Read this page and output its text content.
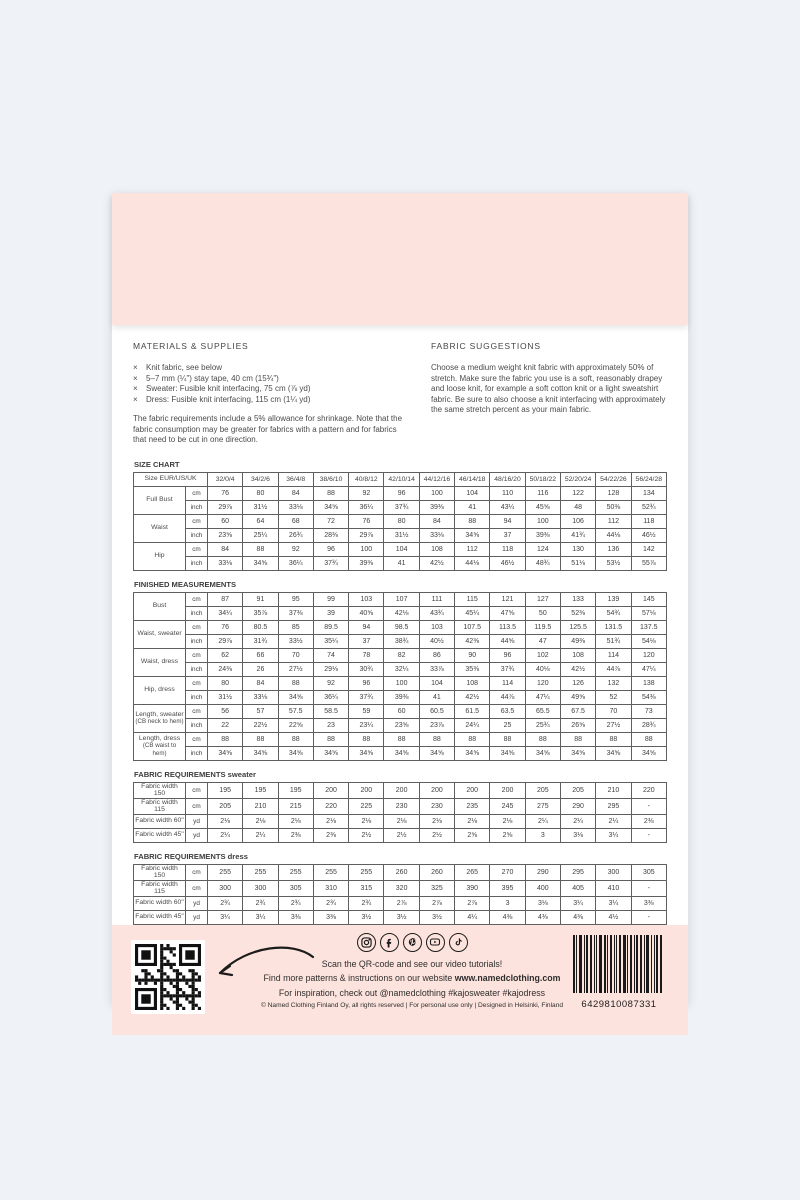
MATERIALS & SUPPLIES
×	Knit fabric, see below
×	5–7 mm (¼") stay tape, 40 cm (15¾")
×	Sweater: Fusible knit interfacing, 75 cm (⅞ yd)
×	Dress: Fusible knit interfacing, 115 cm (1¼ yd)
The fabric requirements include a 5% allowance for shrinkage. Note that the fabric consumption may be greater for fabrics with a pattern and for fabrics that need to be cut in one direction.
FABRIC SUGGESTIONS
Choose a medium weight knit fabric with approximately 50% of stretch. Make sure the fabric you use is a soft, reasonably drapey and loose knit, for example a soft cotton knit or a light sweatshirt fabric. Be sure to also choose a knit interfacing with approximately the same stretch percent as your main fabric.
SIZE CHART
Size EUR/US/UK		32/0/4	34/2/6	36/4/8	38/6/10	40/8/12	42/10/14	44/12/16	46/14/18	48/16/20	50/18/22	52/20/24	54/22/26	56/24/28
Full Bust	cm	76	80	84	88	92	96	100	104	110	116	122	128	134
	inch	29⅞	31½	33⅛	34⅝	36¼	37¾	39⅜	41	43¼	45⅝	48	50⅜	52¾
Waist	cm	60	64	68	72	76	80	84	88	94	100	106	112	118
	inch	23⅝	25¼	26¾	28⅜	29⅞	31½	33⅛	34⅝	37	39⅜	41¾	44⅛	46½
Hip	cm	84	88	92	96	100	104	108	112	118	124	130	136	142
	inch	33⅛	34⅝	36¼	37¾	39⅜	41	42½	44⅛	46½	48¾	51⅛	53½	55⅞
FINISHED MEASUREMENTS
Bust	cm	87	91	95	99	103	107	111	115	121	127	133	139	145
	inch	34¼	35⅞	37⅜	39	40⅝	42⅛	43¾	45¼	47⅝	50	52⅜	54¾	57⅛
Waist, sweater	cm	76	80.5	85	89.5	94	98.5	103	107.5	113.5	119.5	125.5	131.5	137.5
	inch	29⅞	31¾	33½	35¼	37	38¾	40½	42⅜	44⅝	47	49⅜	51¾	54⅛
Waist, dress	cm	62	66	70	74	78	82	86	90	96	102	108	114	120
	inch	24⅜	26	27½	29⅛	30¾	32¼	33⅞	35⅜	37¾	40⅛	42½	44⅞	47¼
Hip, dress	cm	80	84	88	92	96	100	104	108	114	120	126	132	138
	inch	31½	33⅛	34⅝	36¼	37¾	39⅜	41	42½	44⅞	47¼	49⅝	52	54⅜
Length, sweater
(CB neck to hem)	cm	56	57	57.5	58.5	59	60	60.5	61.5	63.5	65.5	67.5	70	73
	inch	22	22½	22⅝	23	23¼	23⅝	23⅞	24¼	25	25¾	26⅝	27½	28¾
Length, dress
(CB waist to hem)	cm	88	88	88	88	88	88	88	88	88	88	88	88	88
	inch	34⅝	34⅝	34⅝	34⅝	34⅝	34⅝	34⅝	34⅝	34⅝	34⅝	34⅝	34⅝	34⅝
FABRIC REQUIREMENTS sweater
Fabric width 150	cm	195	195	195	200	200	200	200	200	200	205	205	210	220
Fabric width 115	cm	205	210	215	220	225	230	230	235	245	275	290	295	-
Fabric width 60"	yd	2⅛	2⅛	2⅛	2⅛	2⅛	2⅛	2⅛	2⅛	2⅛	2¼	2¼	2¼	2⅜
Fabric width 45"	yd	2¼	2¼	2⅜	2⅜	2½	2½	2½	2⅝	2⅝	3	3⅛	3¼	-
FABRIC REQUIREMENTS dress
Fabric width 150	cm	255	255	255	255	255	260	260	265	270	290	295	300	305
Fabric width 115	cm	300	300	305	310	315	320	325	390	395	400	405	410	-
Fabric width 60"	yd	2¾	2¾	2¾	2¾	2¾	2⅞	2⅞	2⅞	3	3⅛	3¼	3¼	3⅜
Fabric width 45"	yd	3¼	3¼	3⅜	3⅜	3½	3½	3½	4¼	4⅜	4⅜	4⅜	4½	-
Scan the QR-code and see our video tutorials!
Find more patterns & instructions on our website www.namedclothing.com
For inspiration, check out @namedclothing #kajosweater #kajodress
© Named Clothing Finland Oy, all rights reserved | For personal use only | Designed in Helsinki, Finland	6429810087331
